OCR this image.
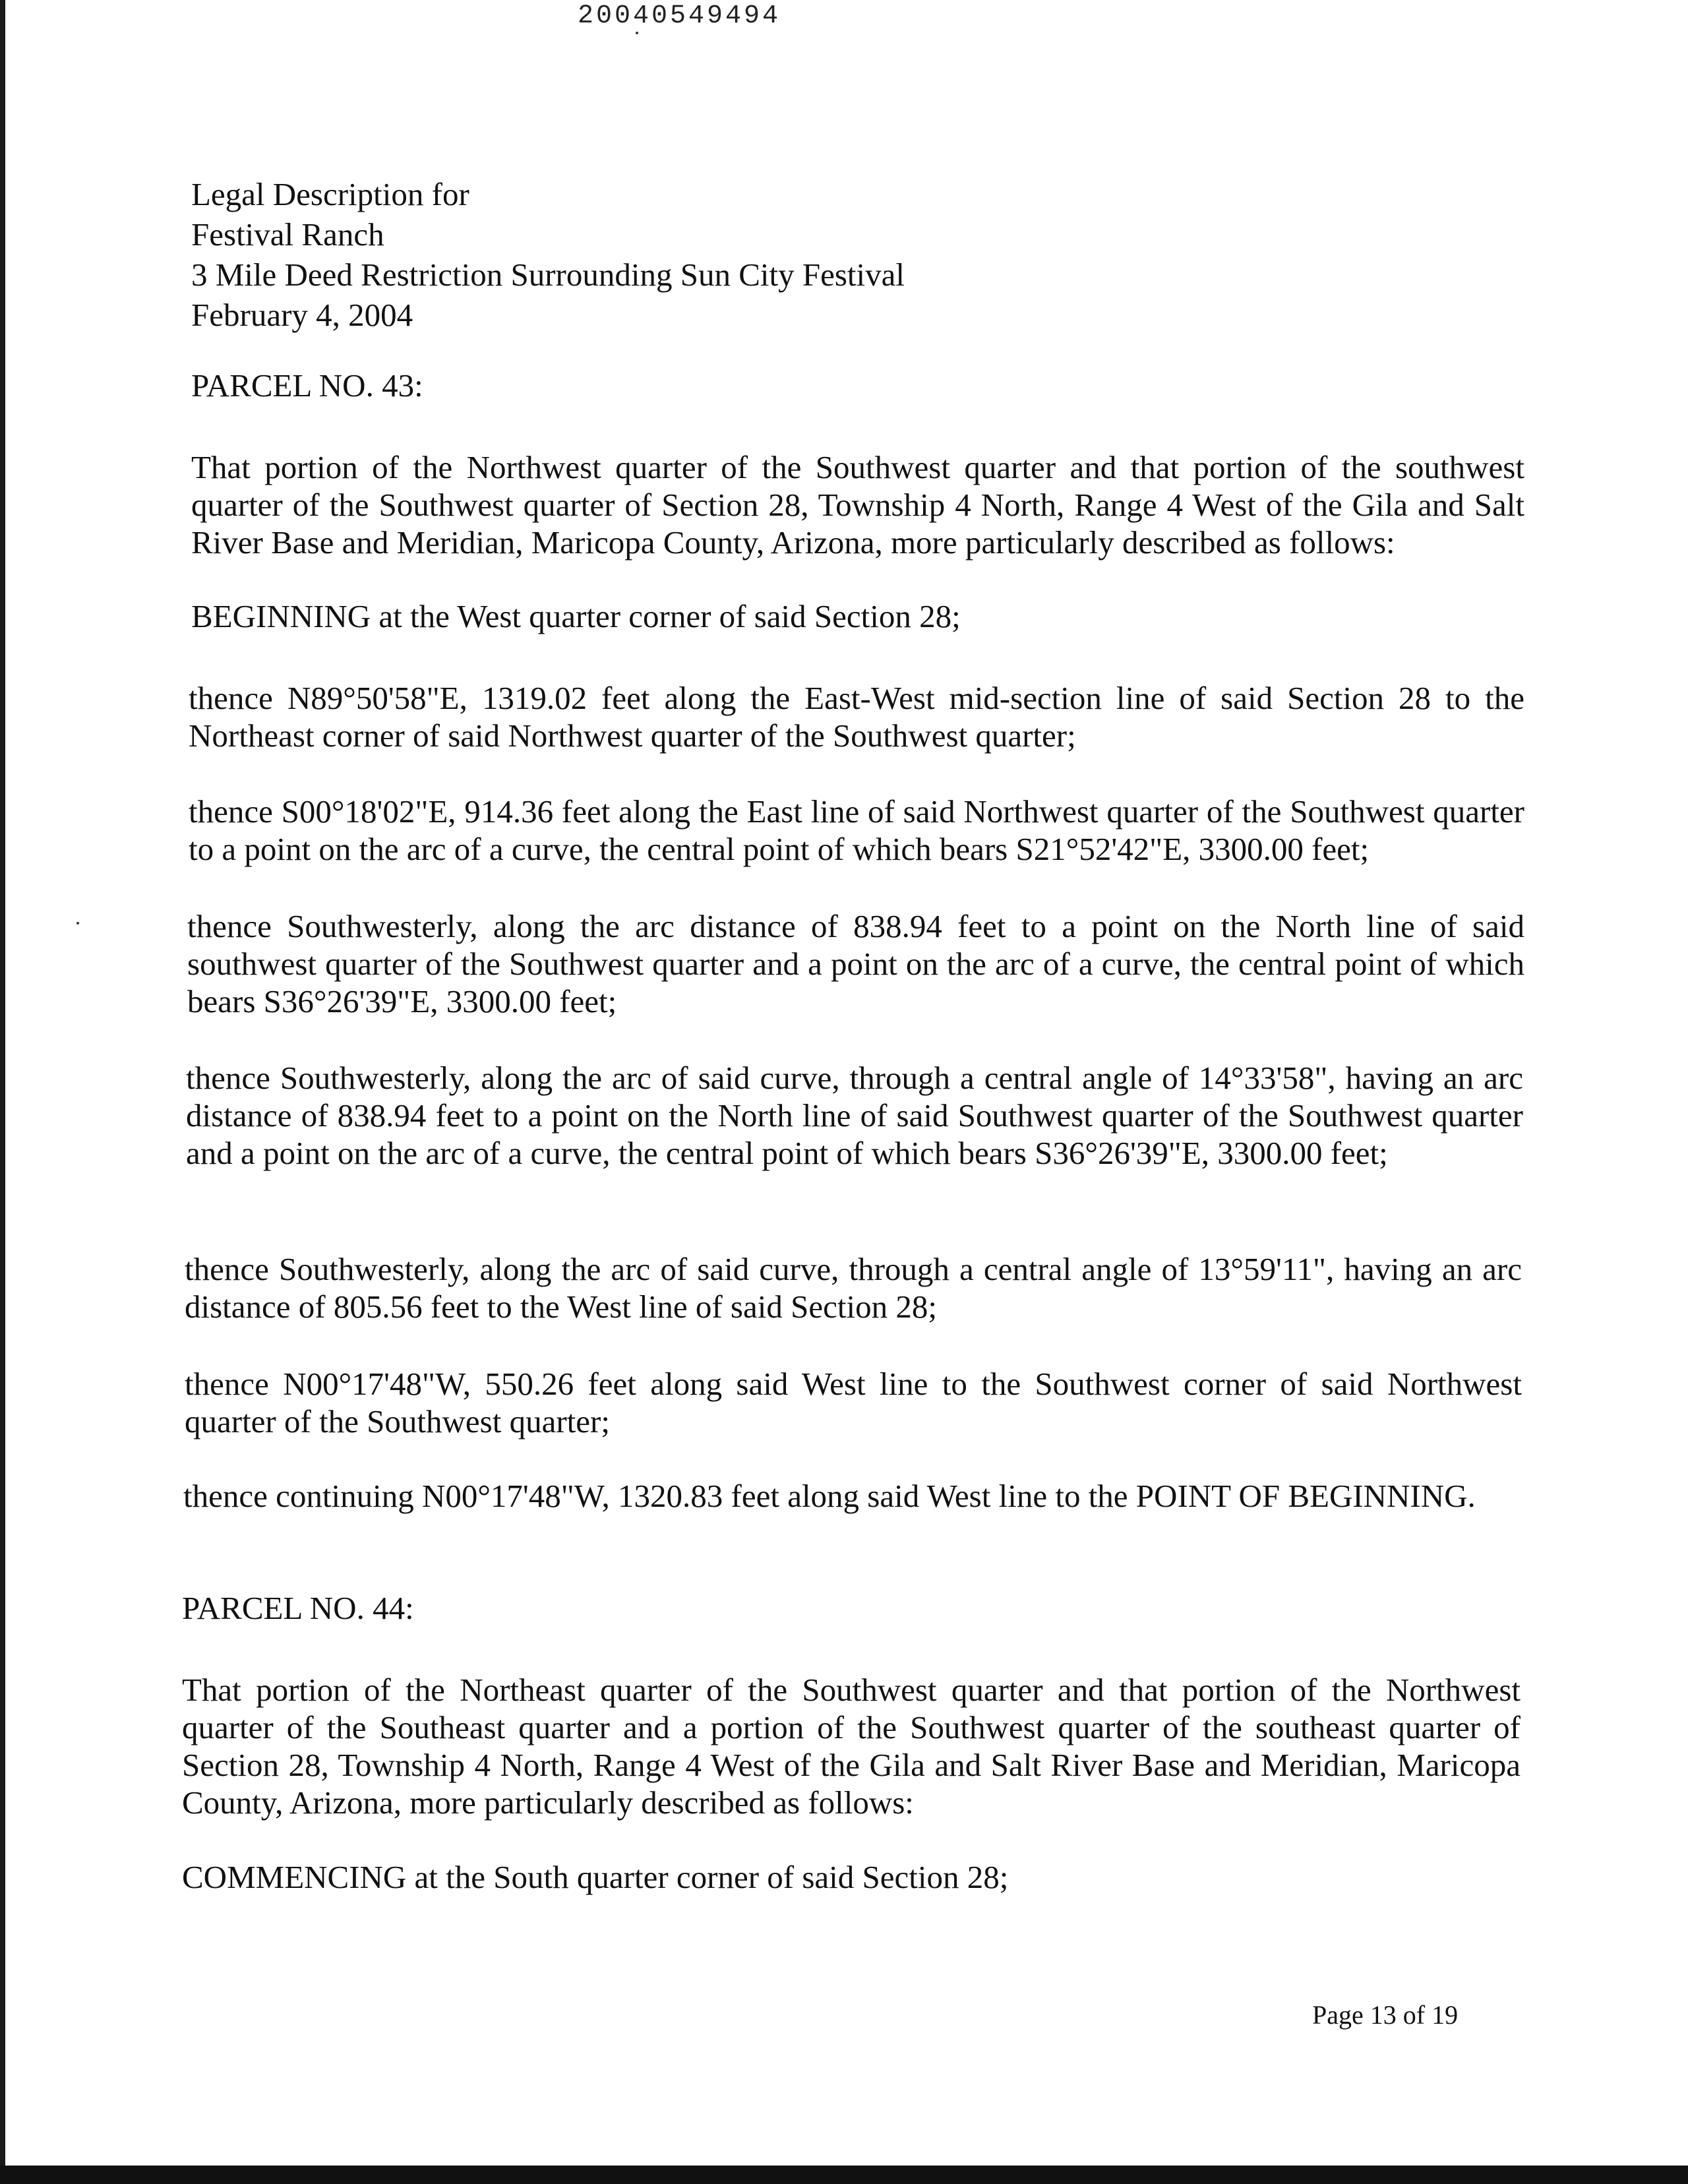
20040549494
Legal Description for
Festival Ranch
3 Mile Deed Restriction Surrounding Sun City Festival
February 4, 2004
PARCEL NO. 43:
That portion of the Northwest quarter of the Southwest quarter and that portion of the southwest quarter of the Southwest quarter of Section 28, Township 4 North, Range 4 West of the Gila and Salt River Base and Meridian, Maricopa County, Arizona, more particularly described as follows:
BEGINNING at the West quarter corner of said Section 28;
thence N89°50'58"E, 1319.02 feet along the East-West mid-section line of said Section 28 to the Northeast corner of said Northwest quarter of the Southwest quarter;
thence S00°18'02"E, 914.36 feet along the East line of said Northwest quarter of the Southwest quarter to a point on the arc of a curve, the central point of which bears S21°52'42"E, 3300.00 feet;
thence Southwesterly, along the arc distance of 838.94 feet to a point on the North line of said southwest quarter of the Southwest quarter and a point on the arc of a curve, the central point of which bears S36°26'39"E, 3300.00 feet;
thence Southwesterly, along the arc of said curve, through a central angle of 14°33'58", having an arc distance of 838.94 feet to a point on the North line of said Southwest quarter of the Southwest quarter and a point on the arc of a curve, the central point of which bears S36°26'39"E, 3300.00 feet;
thence Southwesterly, along the arc of said curve, through a central angle of 13°59'11", having an arc distance of 805.56 feet to the West line of said Section 28;
thence N00°17'48"W, 550.26 feet along said West line to the Southwest corner of said Northwest quarter of the Southwest quarter;
thence continuing N00°17'48"W, 1320.83 feet along said West line to the POINT OF BEGINNING.
PARCEL NO. 44:
That portion of the Northeast quarter of the Southwest quarter and that portion of the Northwest quarter of the Southeast quarter and a portion of the Southwest quarter of the southeast quarter of Section 28, Township 4 North, Range 4 West of the Gila and Salt River Base and Meridian, Maricopa County, Arizona, more particularly described as follows:
COMMENCING at the South quarter corner of said Section 28;
Page 13 of 19
